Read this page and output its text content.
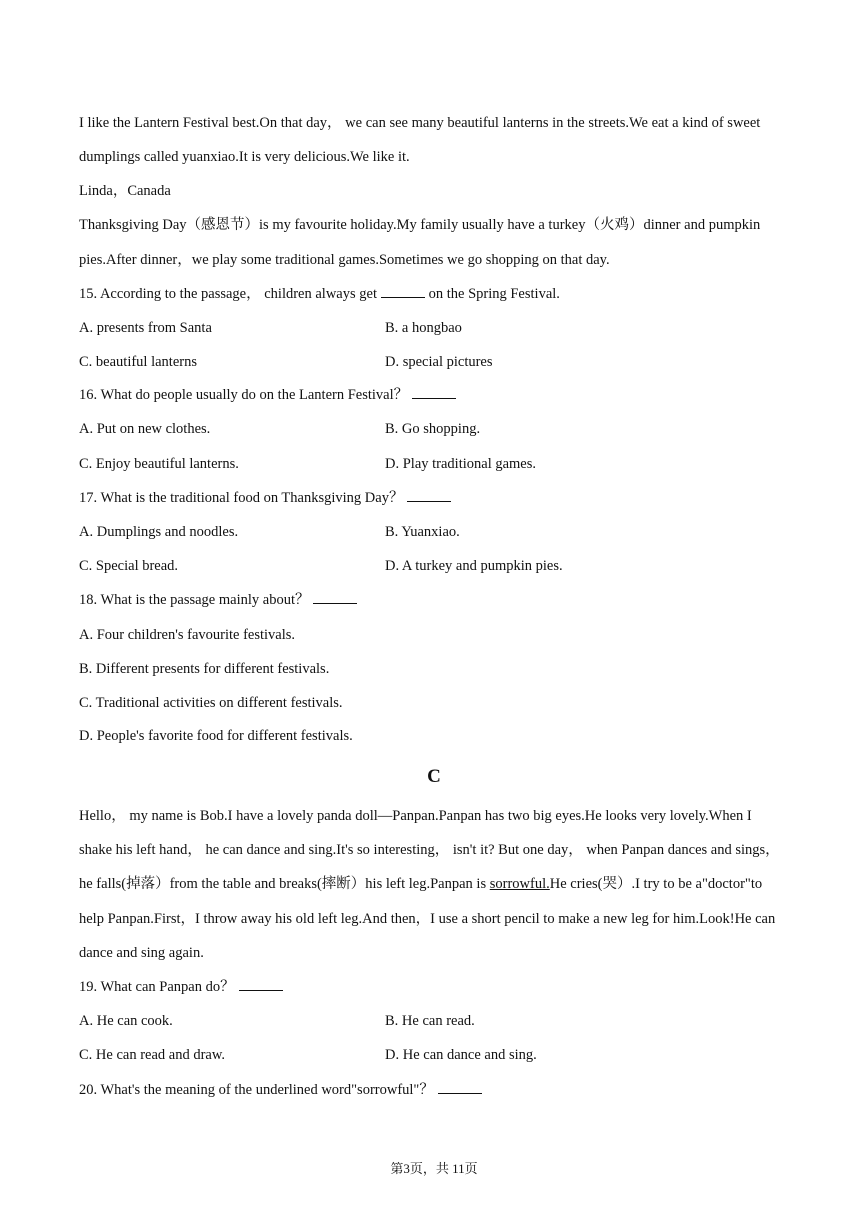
I like the Lantern Festival best.On that day， we can see many beautiful lanterns in the streets.We eat a kind of sweet
dumplings called yuanxiao.It is very delicious.We like it.
Linda，Canada
Thanksgiving Day（感恩节）is my favourite holiday.My family usually have a turkey（火鸡）dinner and pumpkin
pies.After dinner，we play some traditional games.Sometimes we go shopping on that day.
15. According to the passage， children always get	on the Spring Festival.
A. presents from Santa	B. a hongbao
C. beautiful lanterns	D. special pictures
16. What do people usually do on the Lantern Festival？
A. Put on new clothes.	B. Go shopping.
C. Enjoy beautiful lanterns.	D. Play traditional games.
17. What is the traditional food on Thanksgiving Day？
A. Dumplings and noodles.	B. Yuanxiao.
C. Special bread.	D. A turkey and pumpkin pies.
18. What is the passage mainly about？
A. Four children's favourite festivals.
B. Different presents for different festivals.
C. Traditional activities on different festivals.
D. People's favorite food for different festivals.
C
Hello， my name is Bob.I have a lovely panda doll—Panpan.Panpan has two big eyes.He looks very lovely.When I
shake his left hand， he can dance and sing.It's so interesting， isn't it? But one day， when Panpan dances and sings，
he falls(掉落）from the table and breaks(摔断）his left leg.Panpan is sorrowful.He cries(哭）.I try to be a"doctor"to
help Panpan.First，I throw away his old left leg.And then，I use a short pencil to make a new leg for him.Look!He can
dance and sing again.
19. What can Panpan do？
A. He can cook.	B. He can read.
C. He can read and draw.	D. He can dance and sing.
20. What's the meaning of the underlined word"sorrowful"？
第3页，共 11页
